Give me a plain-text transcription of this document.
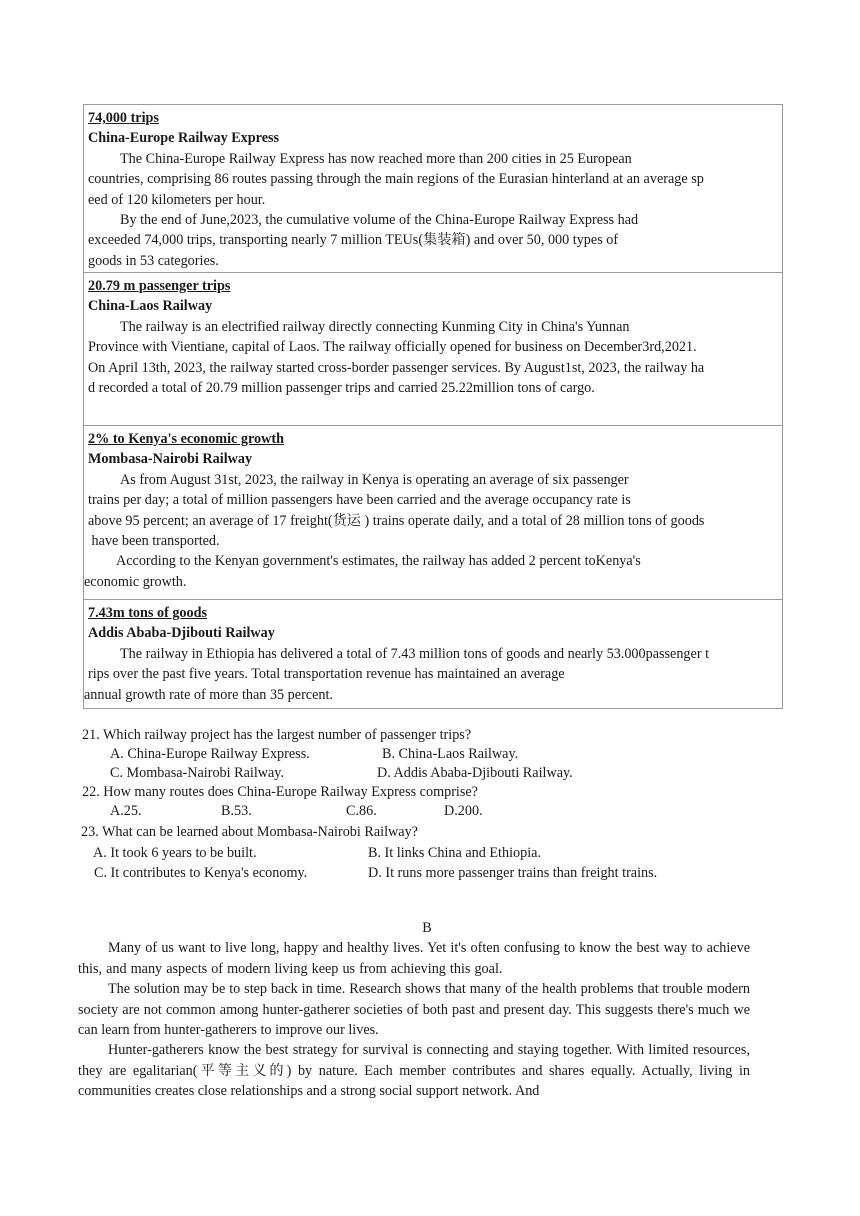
74,000 trips
China-Europe Railway Express
The China-Europe Railway Express has now reached more than 200 cities in 25 European
countries, comprising 86 routes passing through the main regions of the Eurasian hinterland at an average sp
eed of 120 kilometers per hour.
By the end of June,2023, the cumulative volume of the China-Europe Railway Express had
exceeded 74,000 trips, transporting nearly 7 million TEUs(集装箱) and over 50, 000 types of
goods in 53 categories.
20.79 m passenger trips
China-Laos Railway
The railway is an electrified railway directly connecting Kunming City in China's Yunnan
Province with Vientiane, capital of Laos. The railway officially opened for business on December3rd,2021.
On April 13th, 2023, the railway started cross-border passenger services. By August1st, 2023, the railway ha
d recorded a total of 20.79 million passenger trips and carried 25.22million tons of cargo.
2% to Kenya's economic growth
Mombasa-Nairobi Railway
As from August 31st, 2023, the railway in Kenya is operating an average of six passenger
trains per day; a total of million passengers have been carried and the average occupancy rate is
above 95 percent; an average of 17 freight(货运 ) trains operate daily, and a total of 28 million tons of goods
have been transported.
According to the Kenyan government's estimates, the railway has added 2 percent toKenya's
economic growth.
7.43m tons of goods
Addis Ababa-Djibouti Railway
The railway in Ethiopia has delivered a total of 7.43 million tons of goods and nearly 53.000passenger t
rips over the past five years. Total transportation revenue has maintained an average
annual growth rate of more than 35 percent.
21. Which railway project has the largest number of passenger trips?
A. China-Europe Railway Express.	B. China-Laos Railway.
C. Mombasa-Nairobi Railway.	D. Addis Ababa-Djibouti Railway.
22. How many routes does China-Europe Railway Express comprise?
A.25.	B.53.	C.86.	D.200.
23. What can be learned about Mombasa-Nairobi Railway?
A. It took 6 years to be built.	B. It links China and Ethiopia.
C. It contributes to Kenya's economy.	D. It runs more passenger trains than freight trains.
B

Many of us want to live long, happy and healthy lives. Yet it's often confusing to know the best way to achieve this, and many aspects of modern living keep us from achieving this goal.

The solution may be to step back in time. Research shows that many of the health problems that trouble modern society are not common among hunter-gatherer societies of both past and present day. This suggests there's much we can learn from hunter-gatherers to improve our lives.

Hunter-gatherers know the best strategy for survival is connecting and staying together. With limited resources, they are egalitarian(平等主义的) by nature. Each member contributes and shares equally. Actually, living in communities creates close relationships and a strong social support network. And
